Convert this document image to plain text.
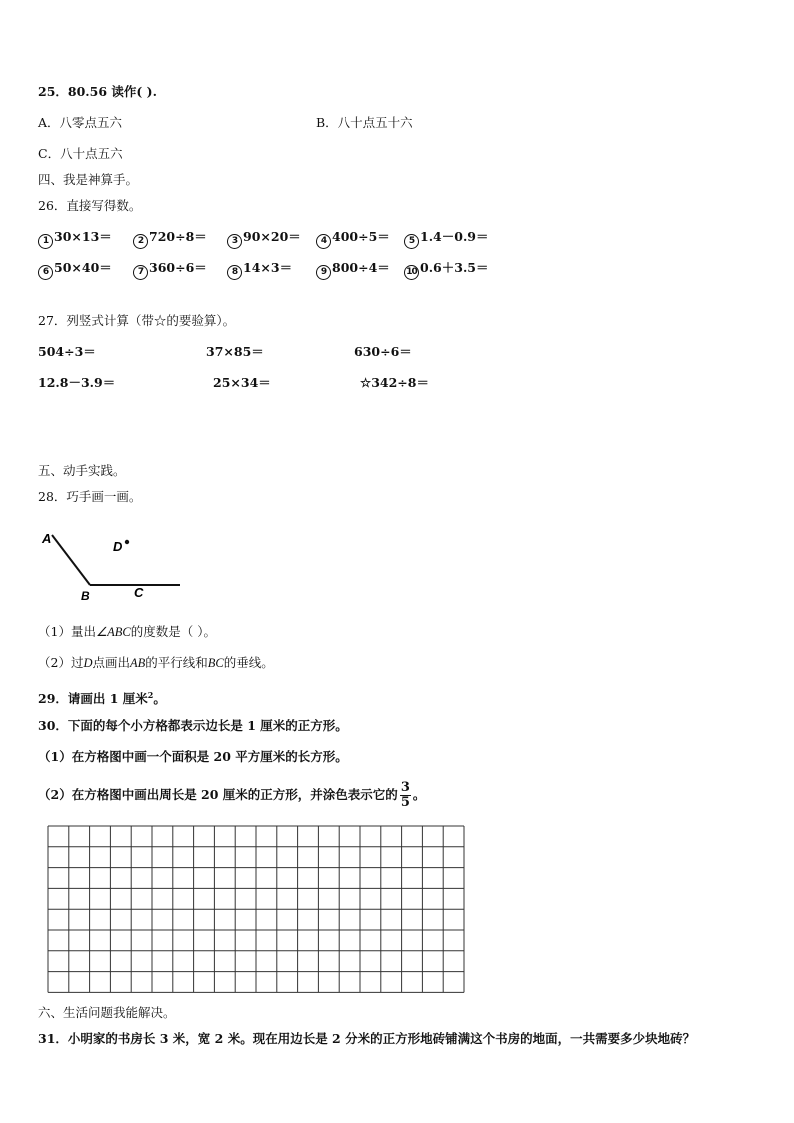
25．80.56 读作( ).
A．八零点五六	B．八十点五十六
C．八十点五六
四、我是神算手。
26．直接写得数。
1 30×13＝	2 720÷8＝	3 90×20＝	4 400÷5＝	5 1.4－0.9＝
6 50×40＝	7 360÷6＝	8 14×3＝	9 800÷4＝ 10 0.6＋3.5＝
27．列竖式计算（带☆的要验算）。
504÷3＝	37×85＝	630÷6＝
12.8－3.9＝	25×34＝	☆342÷8＝
五、动手实践。
28．巧手画一画。
A
D
B	C
（1）量出∠ABC的度数是（ ）。
（2）过D点画出AB的平行线和BC的垂线。
29．请画出 1 厘米$^2$。
30．下面的每个小方格都表示边长是 1 厘米的正方形。
（1）在方格图中画一个面积是 20 平方厘米的长方形。
（2）在方格图中画出周长是 20 厘米的正方形，并涂色表示它的 $\frac{3}{5}$ 。
六、生活问题我能解决。
31．小明家的书房长 3 米，宽 2 米。现在用边长是 2 分米的正方形地砖铺满这个书房的地面，一共需要多少块地砖？
